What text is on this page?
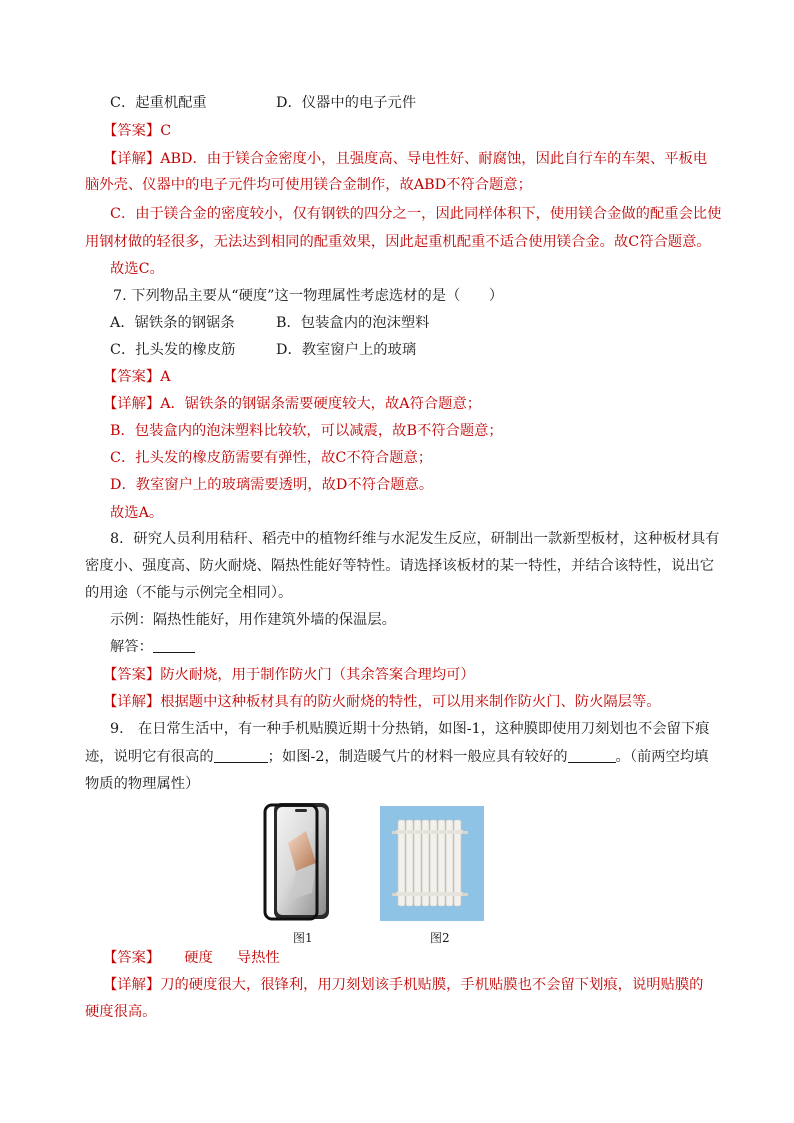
C．起重机配重	D．仪器中的电子元件
【答案】C
【详解】ABD．由于镁合金密度小，且强度高、导电性好、耐腐蚀，因此自行车的车架、平板电
脑外壳、仪器中的电子元件均可使用镁合金制作，故ABD不符合题意；
C．由于镁合金的密度较小，仅有钢铁的四分之一，因此同样体积下，使用镁合金做的配重会比使
用钢材做的轻很多，无法达到相同的配重效果，因此起重机配重不适合使用镁合金。故C符合题意。
故选C。
7. 下列物品主要从“硬度”这一物理属性考虑选材的是（　　）
A．锯铁条的钢锯条	B．包装盒内的泡沫塑料
C．扎头发的橡皮筋	D．教室窗户上的玻璃
【答案】A
【详解】A．锯铁条的钢锯条需要硬度较大，故A符合题意；
B．包装盒内的泡沫塑料比较软，可以减震，故B不符合题意；
C．扎头发的橡皮筋需要有弹性，故C不符合题意；
D．教室窗户上的玻璃需要透明，故D不符合题意。
故选A。
8．研究人员利用秸秆、稻壳中的植物纤维与水泥发生反应，研制出一款新型板材，这种板材具有
密度小、强度高、防火耐烧、隔热性能好等特性。请选择该板材的某一特性，并结合该特性，说出它
的用途（不能与示例完全相同）。
示例：隔热性能好，用作建筑外墙的保温层。
解答：
【答案】防火耐烧，用于制作防火门（其余答案合理均可）
【详解】根据题中这种板材具有的防火耐烧的特性，可以用来制作防火门、防火隔层等。
9.　在日常生活中，有一种手机贴膜近期十分热销，如图-1，这种膜即使用刀刻划也不会留下痕
迹，说明它有很高的	；如图-2，制造暖气片的材料一般应具有较好的	。（前两空均填
物质的物理属性）
图1	图2
【答案】 硬度 导热性
【详解】刀的硬度很大，很锋利，用刀刻划该手机贴膜，手机贴膜也不会留下划痕，说明贴膜的
硬度很高。
